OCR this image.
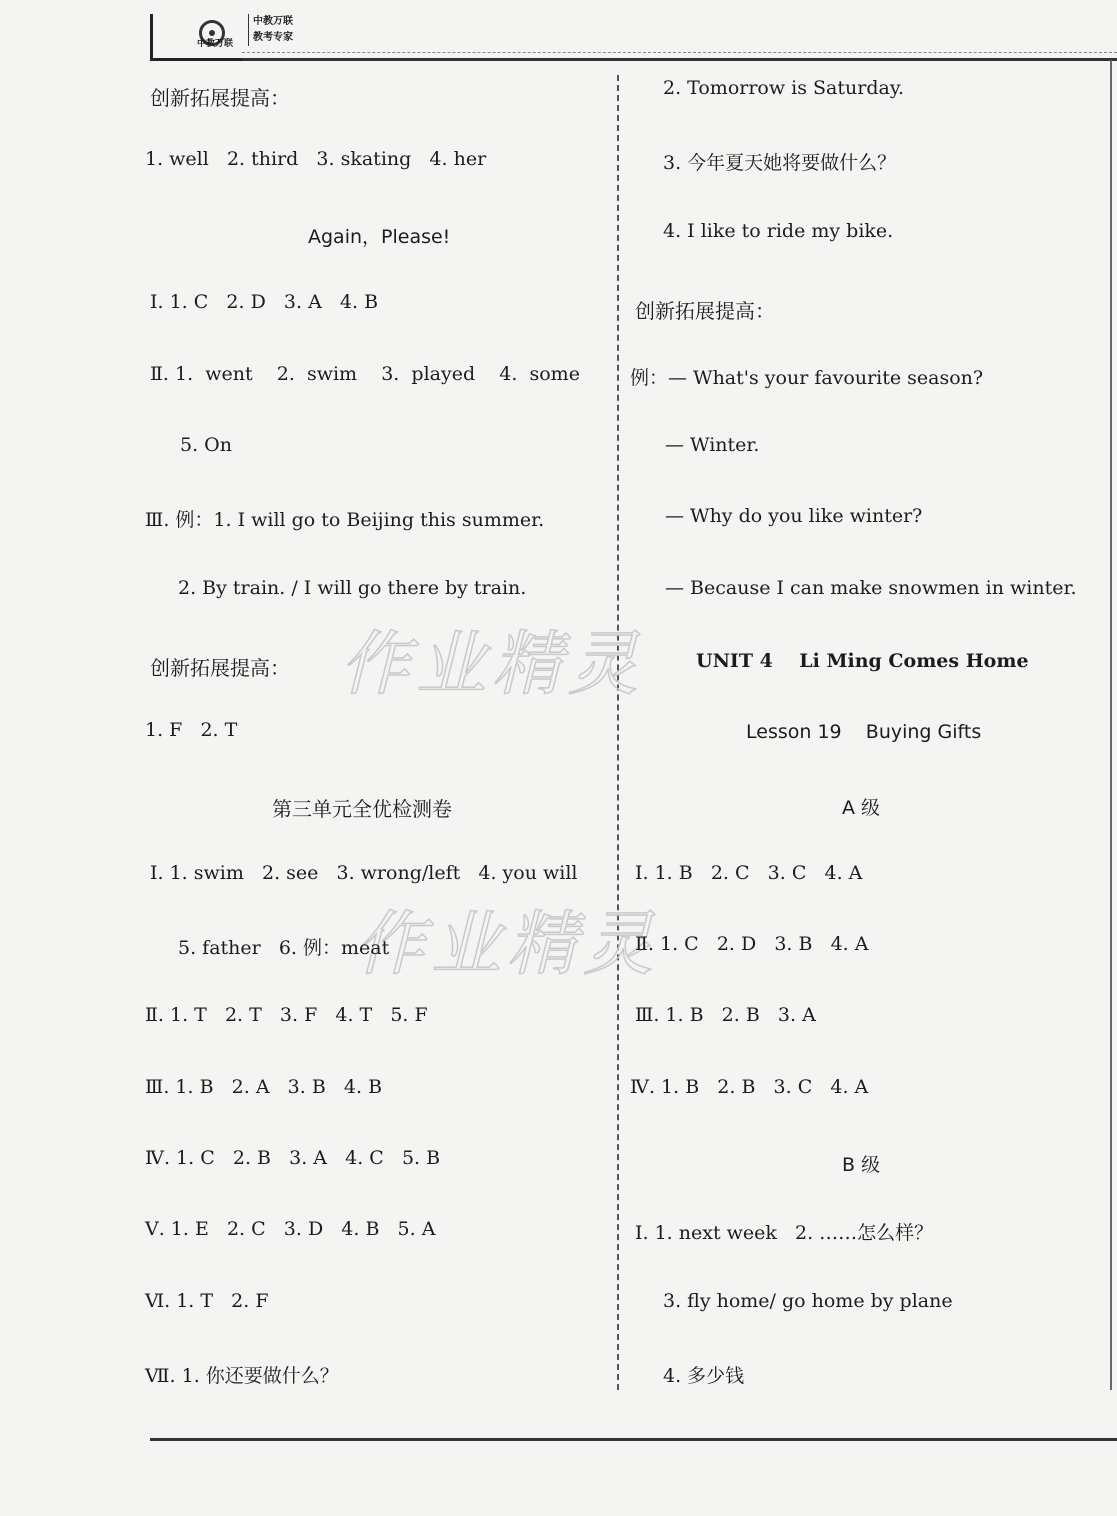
中教万联
中教万联
教考专家
作业精灵
作业精灵
创新拓展提高：
1. well   2. third   3. skating   4. her
Again，Please!
Ⅰ. 1. C   2. D   3. A   4. B
Ⅱ. 1.  went    2.  swim    3.  played    4.  some
5. On
Ⅲ. 例：1. I will go to Beijing this summer.
2. By train. / I will go there by train.
创新拓展提高：
1. F   2. T
第三单元全优检测卷
Ⅰ. 1. swim   2. see   3. wrong/left   4. you will
5. father   6. 例：meat
Ⅱ. 1. T   2. T   3. F   4. T   5. F
Ⅲ. 1. B   2. A   3. B   4. B
Ⅳ. 1. C   2. B   3. A   4. C   5. B
Ⅴ. 1. E   2. C   3. D   4. B   5. A
Ⅵ. 1. T   2. F
Ⅶ. 1. 你还要做什么？
2. Tomorrow is Saturday.
3. 今年夏天她将要做什么？
4. I like to ride my bike.
创新拓展提高：
例：— What's your favourite season?
— Winter.
— Why do you like winter?
— Because I can make snowmen in winter.
UNIT 4    Li Ming Comes Home
Lesson 19    Buying Gifts
A 级
Ⅰ. 1. B   2. C   3. C   4. A
Ⅱ. 1. C   2. D   3. B   4. A
Ⅲ. 1. B   2. B   3. A
Ⅳ. 1. B   2. B   3. C   4. A
B 级
Ⅰ. 1. next week   2. ……怎么样？
3. fly home/ go home by plane
4. 多少钱
